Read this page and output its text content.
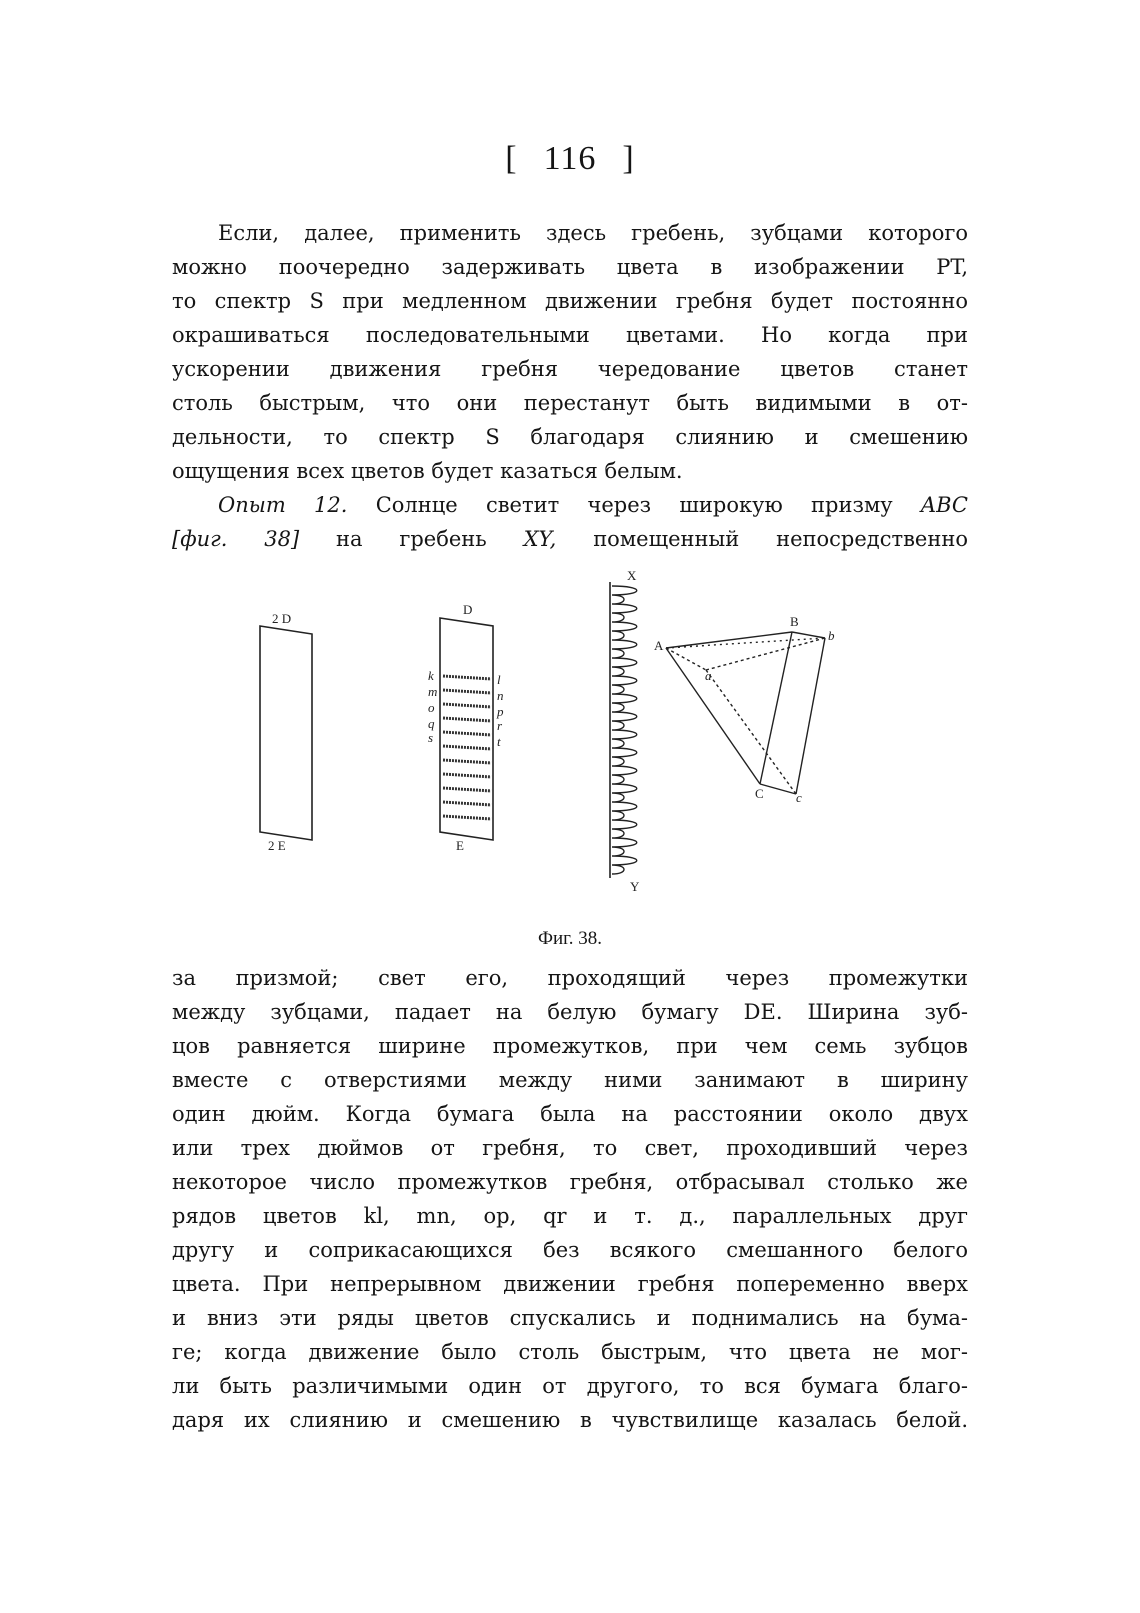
[ 116 ]
Если, далее, применить здесь гребень, зубцами которого
можно поочередно задерживать цвета в изображении PT,
то спектр S при медленном движении гребня будет постоянно
окрашиваться последовательными цветами. Но когда при
ускорении движения гребня чередование цветов станет
столь быстрым, что они перестанут быть видимыми в от-
дельности, то спектр S благодаря слиянию и смешению
ощущения всех цветов будет казаться белым.
Опыт 12. Солнце светит через широкую призму ABC
[фиг. 38] на гребень XY, помещенный непосредственно
2 D
2 E
D
E
k
m
o
q
s
l
n
p
r
t
X
Y
A
B
b
a
C c
Фиг. 38.
за призмой; свет его, проходящий через промежутки
между зубцами, падает на белую бумагу DE. Ширина зуб-
цов равняется ширине промежутков, при чем семь зубцов
вместе с отверстиями между ними занимают в ширину
один дюйм. Когда бумага была на расстоянии около двух
или трех дюймов от гребня, то свет, проходивший через
некоторое число промежутков гребня, отбрасывал столько же
рядов цветов kl, mn, op, qr и т. д., параллельных друг
другу и соприкасающихся без всякого смешанного белого
цвета. При непрерывном движении гребня попеременно вверх
и вниз эти ряды цветов спускались и поднимались на бума-
ге; когда движение было столь быстрым, что цвета не мог-
ли быть различимыми один от другого, то вся бумага благо-
даря их слиянию и смешению в чувствилище казалась белой.
